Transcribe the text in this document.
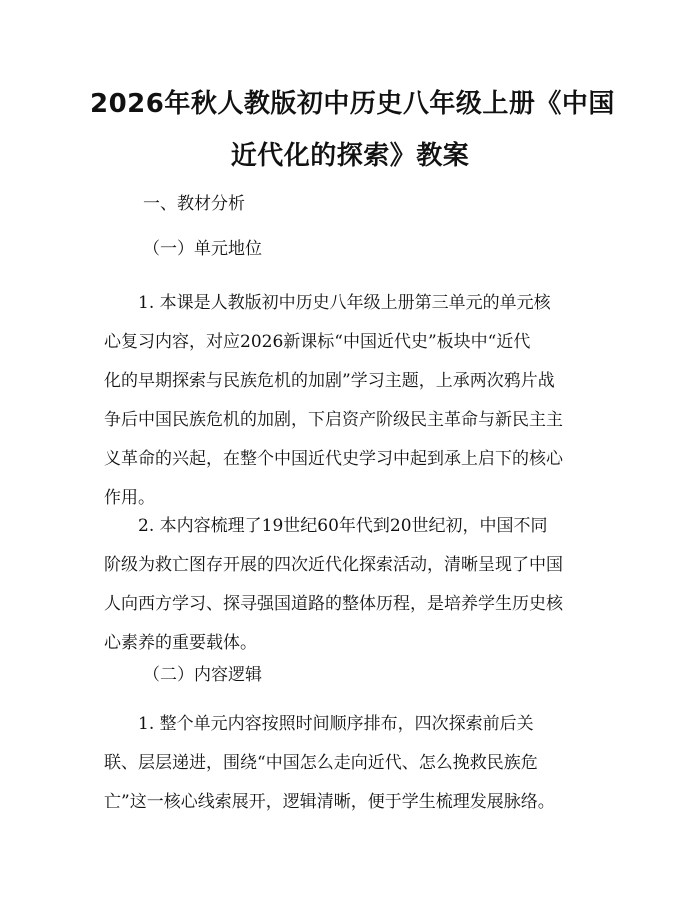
2026年秋人教版初中历史八年级上册《中国
近代化的探索》教案
一、教材分析
（一）单元地位
　　1. 本课是人教版初中历史八年级上册第三单元的单元核
心复习内容，对应2026新课标“中国近代史”板块中“近代
化的早期探索与民族危机的加剧”学习主题，上承两次鸦片战
争后中国民族危机的加剧，下启资产阶级民主革命与新民主主
义革命的兴起，在整个中国近代史学习中起到承上启下的核心
作用。
　　2. 本内容梳理了19世纪60年代到20世纪初，中国不同
阶级为救亡图存开展的四次近代化探索活动，清晰呈现了中国
人向西方学习、探寻强国道路的整体历程，是培养学生历史核
心素养的重要载体。
（二）内容逻辑
　　1. 整个单元内容按照时间顺序排布，四次探索前后关
联、层层递进，围绕“中国怎么走向近代、怎么挽救民族危
亡”这一核心线索展开，逻辑清晰，便于学生梳理发展脉络。
